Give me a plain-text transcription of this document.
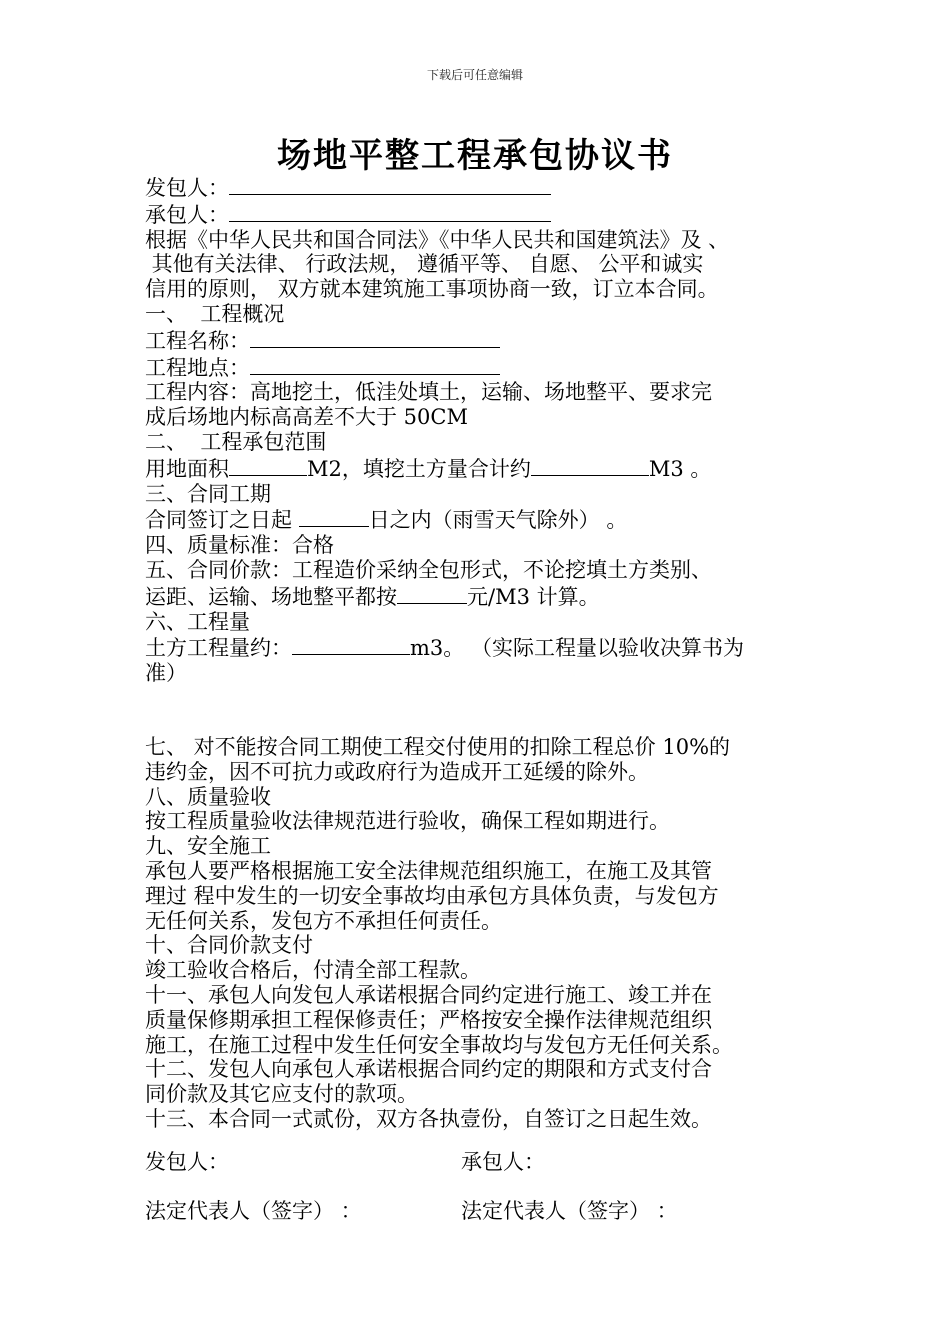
下载后可任意编辑
场地平整工程承包协议书
发包人：
承包人：
根据《中华人民共和国合同法》《中华人民共和国建筑法》及 、
其他有关法律、 行政法规， 遵循平等、 自愿、 公平和诚实
信用的原则， 双方就本建筑施工事项协商一致，订立本合同。
一、  工程概况
工程名称：
工程地点：
工程内容：高地挖土，低洼处填土，运输、场地整平、要求完
成后场地内标高高差不大于 50CM
二、  工程承包范围
用地面积	M2，填挖土方量合计约	M3 。
三、合同工期
合同签订之日起	日之内（雨雪天气除外） 。
四、质量标准：合格
五、合同价款：工程造价采纳全包形式，不论挖填土方类别、
运距、运输、场地整平都按	元/M3 计算。
六、工程量
土方工程量约：	m3。 （实际工程量以验收决算书为
准）
七、 对不能按合同工期使工程交付使用的扣除工程总价 10%的
违约金，因不可抗力或政府行为造成开工延缓的除外。
八、质量验收
按工程质量验收法律规范进行验收，确保工程如期进行。
九、安全施工
承包人要严格根据施工安全法律规范组织施工，在施工及其管
理过 程中发生的一切安全事故均由承包方具体负责，与发包方
无任何关系，发包方不承担任何责任。
十、合同价款支付
竣工验收合格后，付清全部工程款。
十一、承包人向发包人承诺根据合同约定进行施工、竣工并在
质量保修期承担工程保修责任；严格按安全操作法律规范组织
施工，在施工过程中发生任何安全事故均与发包方无任何关系。
十二、发包人向承包人承诺根据合同约定的期限和方式支付合
同价款及其它应支付的款项。
十三、本合同一式贰份，双方各执壹份，自签订之日起生效。
发包人：	承包人：
法定代表人（签字） ：	法定代表人（签字） ：
